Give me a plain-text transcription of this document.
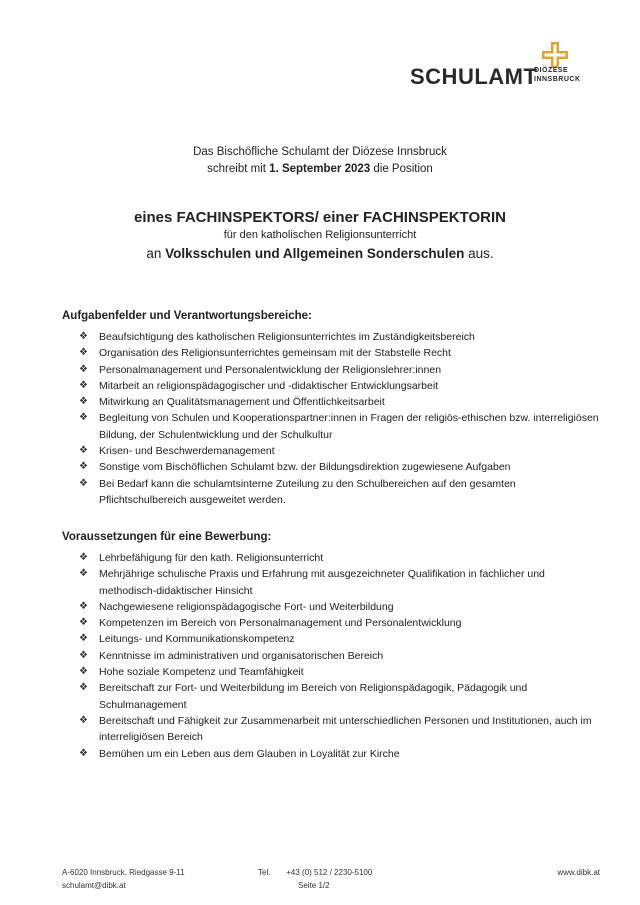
SCHULAMT
DIÖZESE
INNSBRUCK
Das Bischöfliche Schulamt der Diözese Innsbruck
schreibt mit 1. September 2023 die Position
eines FACHINSPEKTORS/ einer FACHINSPEKTORIN
für den katholischen Religionsunterricht
an Volksschulen und Allgemeinen Sonderschulen aus.
Aufgabenfelder und Verantwortungsbereiche:
❖ Beaufsichtigung des katholischen Religionsunterrichtes im Zuständigkeitsbereich
❖ Organisation des Religionsunterrichtes gemeinsam mit der Stabstelle Recht
❖ Personalmanagement und Personalentwicklung der Religionslehrer:innen
❖ Mitarbeit an religionspädagogischer und -didaktischer Entwicklungsarbeit
❖ Mitwirkung an Qualitätsmanagement und Öffentlichkeitsarbeit
❖ Begleitung von Schulen und Kooperationspartner:innen in Fragen der religiös-ethischen bzw. interreligiösen Bildung, der Schulentwicklung und der Schulkultur
❖ Krisen- und Beschwerdemanagement
❖ Sonstige vom Bischöflichen Schulamt bzw. der Bildungsdirektion zugewiesene Aufgaben
❖ Bei Bedarf kann die schulamtsinterne Zuteilung zu den Schulbereichen auf den gesamten Pflichtschulbereich ausgeweitet werden.
Voraussetzungen für eine Bewerbung:
❖ Lehrbefähigung für den kath. Religionsunterricht
❖ Mehrjährige schulische Praxis und Erfahrung mit ausgezeichneter Qualifikation in fachlicher und methodisch-didaktischer Hinsicht
❖ Nachgewiesene religionspädagogische Fort- und Weiterbildung
❖ Kompetenzen im Bereich von Personalmanagement und Personalentwicklung
❖ Leitungs- und Kommunikationskompetenz
❖ Kenntnisse im administrativen und organisatorischen Bereich
❖ Hohe soziale Kompetenz und Teamfähigkeit
❖ Bereitschaft zur Fort- und Weiterbildung im Bereich von Religionspädagogik, Pädagogik und Schulmanagement
❖ Bereitschaft und Fähigkeit zur Zusammenarbeit mit unterschiedlichen Personen und Institutionen, auch im interreligiösen Bereich
❖ Bemühen um ein Leben aus dem Glauben in Loyalität zur Kirche
A-6020 Innsbruck, Riedgasse 9-11
schulamt@dibk.at
Tel. +43 (0) 512 / 2230-5100
Seite 1/2
www.dibk.at
